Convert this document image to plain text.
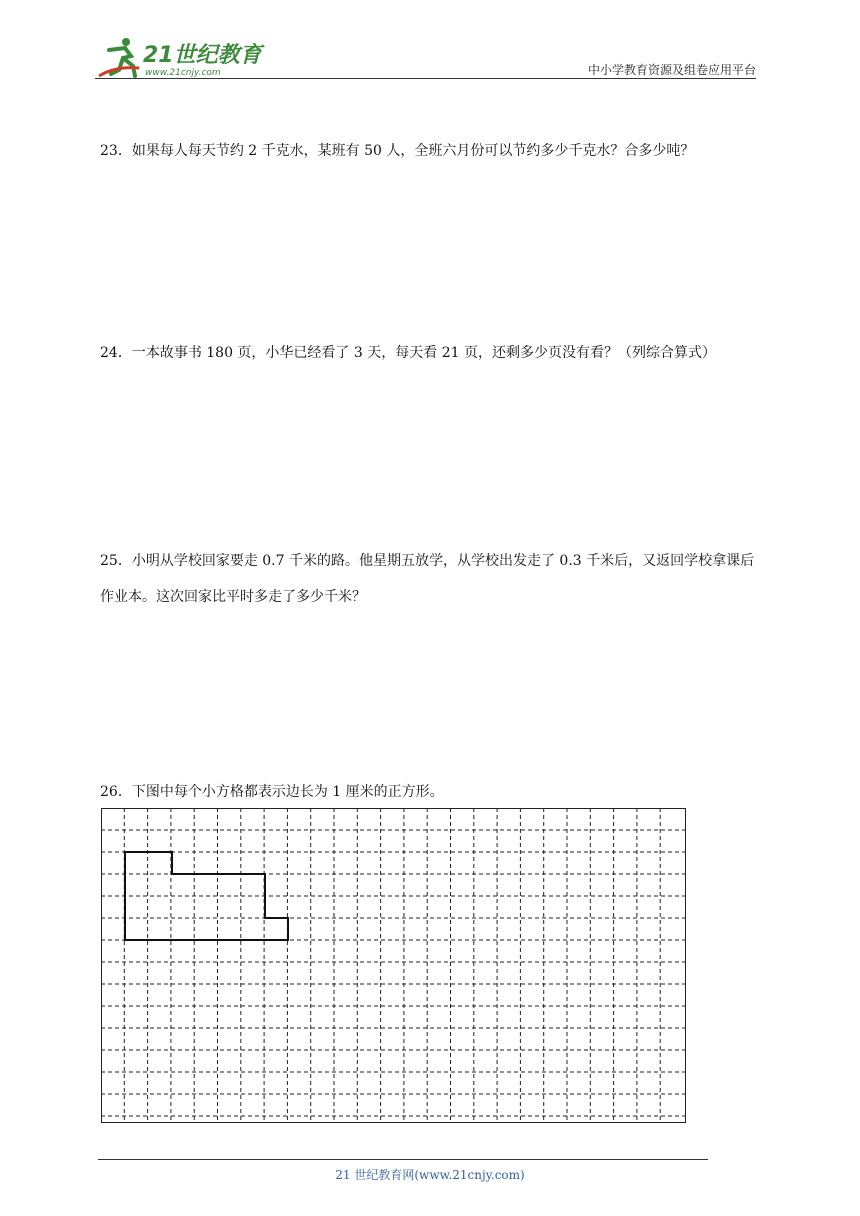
21世纪教育
www.21cnjy.com	中小学教育资源及组卷应用平台
23．如果每人每天节约 2 千克水，某班有 50 人，全班六月份可以节约多少千克水？合多少吨？
24．一本故事书 180 页，小华已经看了 3 天，每天看 21 页，还剩多少页没有看？（列综合算式）
25．小明从学校回家要走 0.7 千米的路。他星期五放学，从学校出发走了 0.3 千米后，又返回学校拿课后作业本。这次回家比平时多走了多少千米？
26．下图中每个小方格都表示边长为 1 厘米的正方形。
21 世纪教育网(www.21cnjy.com)
